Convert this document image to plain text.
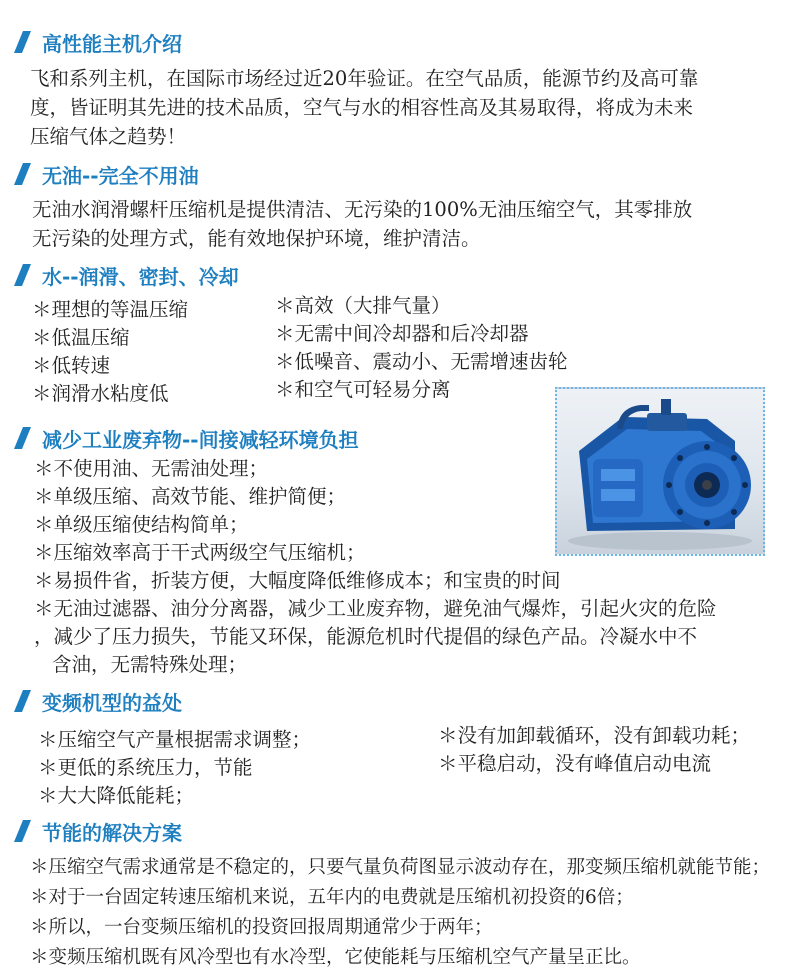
高性能主机介绍
飞和系列主机，在国际市场经过近20年验证。在空气品质，能源节约及高可靠
度，皆证明其先进的技术品质，空气与水的相容性高及其易取得，将成为未来
压缩气体之趋势！
无油--完全不用油
无油水润滑螺杆压缩机是提供清洁、无污染的100%无油压缩空气，其零排放
无污染的处理方式，能有效地保护环境，维护清洁。
水--润滑、密封、冷却
＊理想的等温压缩
＊低温压缩
＊低转速
＊润滑水粘度低
＊高效（大排气量）
＊无需中间冷却器和后冷却器
＊低噪音、震动小、无需增速齿轮
＊和空气可轻易分离
减少工业废弃物--间接减轻环境负担
＊不使用油、无需油处理；
＊单级压缩、高效节能、维护简便；
＊单级压缩使结构简单；
＊压缩效率高于干式两级空气压缩机；
＊易损件省，折装方便，大幅度降低维修成本；和宝贵的时间
＊无油过滤器、油分分离器，减少工业废弃物，避免油气爆炸，引起火灾的危险
，减少了压力损失，节能又环保，能源危机时代提倡的绿色产品。冷凝水中不
含油，无需特殊处理；
变频机型的益处
＊压缩空气产量根据需求调整；
＊更低的系统压力，节能
＊大大降低能耗；
＊没有加卸载循环，没有卸载功耗；
＊平稳启动，没有峰值启动电流
节能的解决方案
＊压缩空气需求通常是不稳定的，只要气量负荷图显示波动存在，那变频压缩机就能节能；
＊对于一台固定转速压缩机来说，五年内的电费就是压缩机初投资的6倍；
＊所以，一台变频压缩机的投资回报周期通常少于两年；
＊变频压缩机既有风冷型也有水冷型，它使能耗与压缩机空气产量呈正比。
